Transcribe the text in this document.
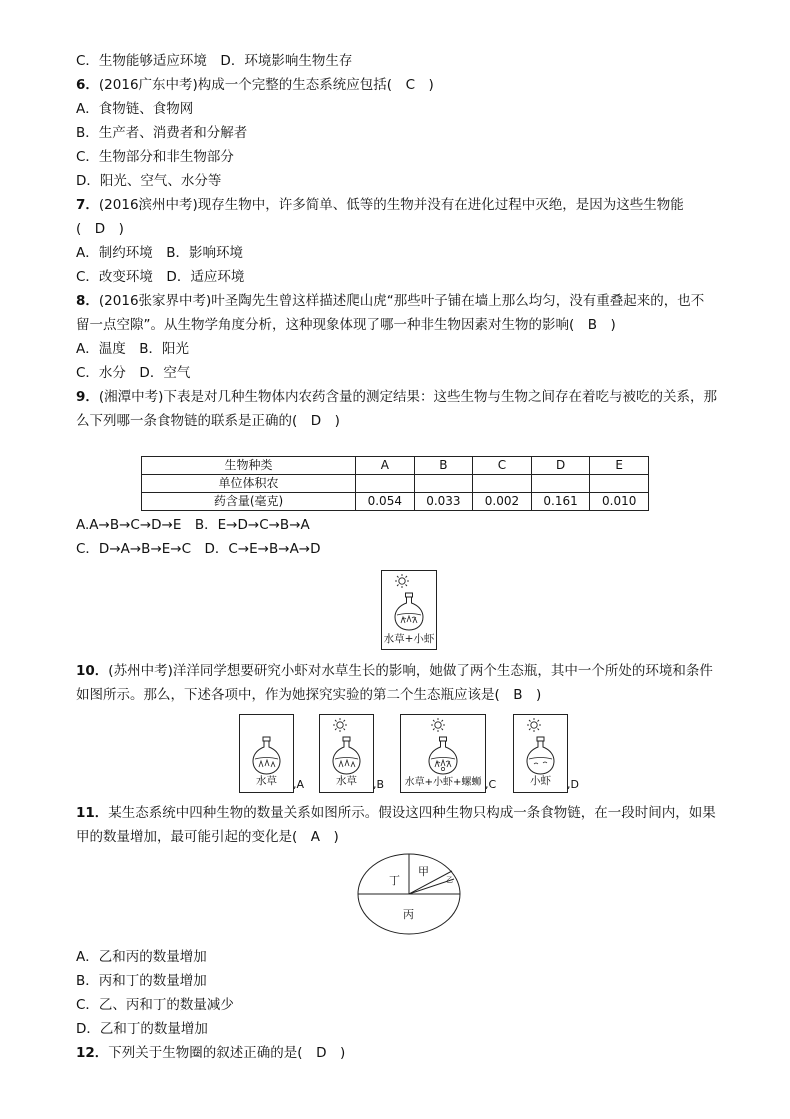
C．生物能够适应环境　D．环境影响生物生存
6．(2016广东中考)构成一个完整的生态系统应包括(　C　)
A．食物链、食物网
B．生产者、消费者和分解者
C．生物部分和非生物部分
D．阳光、空气、水分等
7．(2016滨州中考)现存生物中，许多简单、低等的生物并没有在进化过程中灭绝，是因为这些生物能
(　D　)
A．制约环境　B．影响环境
C．改变环境　D．适应环境
8．(2016张家界中考)叶圣陶先生曾这样描述爬山虎“那些叶子铺在墙上那么均匀，没有重叠起来的，也不
留一点空隙”。从生物学角度分析，这种现象体现了哪一种非生物因素对生物的影响(　B　)
A．温度　B．阳光
C．水分　D．空气
9．(湘潭中考)下表是对几种生物体内农药含量的测定结果：这些生物与生物之间存在着吃与被吃的关系，那
么下列哪一条食物链的联系是正确的(　D　)
生物种类	A	B	C	D	E
单位体积农					
药含量(毫克)	0.054	0.033	0.002	0.161	0.010
A.A→B→C→D→E　B．E→D→C→B→A
C．D→A→B→E→C　D．C→E→B→A→D
水草+小虾
10．(苏州中考)洋洋同学想要研究小虾对水草生长的影响，她做了两个生态瓶，其中一个所处的环境和条件
如图所示。那么，下述各项中，作为她探究实验的第二个生态瓶应该是(　B　)
水草	,A	水草	,B	水草+小虾+螺蛳 ,C	小虾	,D
11．某生态系统中四种生物的数量关系如图所示。假设这四种生物只构成一条食物链，在一段时间内，如果
甲的数量增加，最可能引起的变化是(　A　)
丁
甲
乙
丙
A．乙和丙的数量增加
B．丙和丁的数量增加
C．乙、丙和丁的数量减少
D．乙和丁的数量增加
12．下列关于生物圈的叙述正确的是(　D　)
